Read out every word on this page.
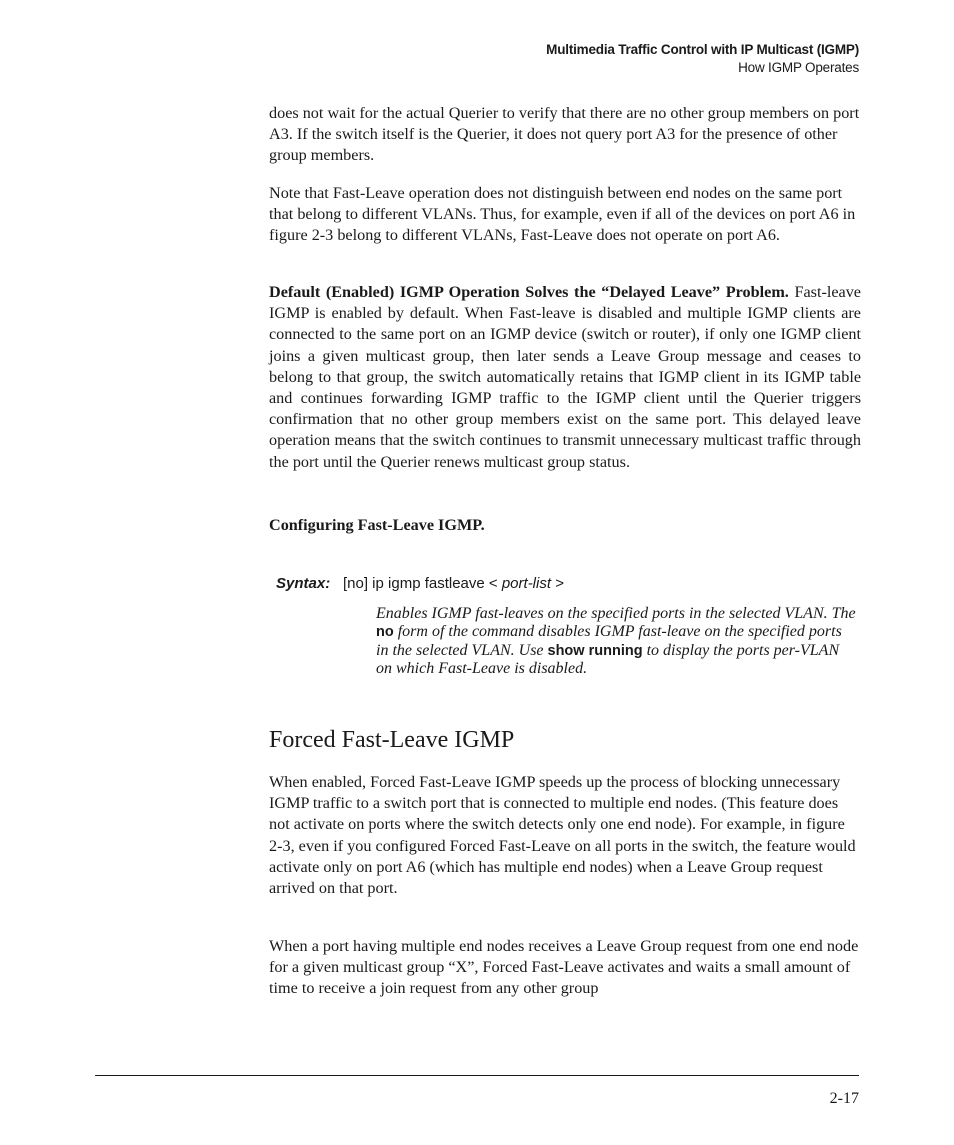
Multimedia Traffic Control with IP Multicast (IGMP)
How IGMP Operates

does not wait for the actual Querier to verify that there are no other group members on port A3. If the switch itself is the Querier, it does not query port A3 for the presence of other group members.

Note that Fast-Leave operation does not distinguish between end nodes on the same port that belong to different VLANs. Thus, for example, even if all of the devices on port A6 in figure 2-3 belong to different VLANs, Fast-Leave does not operate on port A6.

Default (Enabled) IGMP Operation Solves the “Delayed Leave” Problem. Fast-leave IGMP is enabled by default. When Fast-leave is disabled and multiple IGMP clients are connected to the same port on an IGMP device (switch or router), if only one IGMP client joins a given multicast group, then later sends a Leave Group message and ceases to belong to that group, the switch automatically retains that IGMP client in its IGMP table and continues forwarding IGMP traffic to the IGMP client until the Querier triggers confirmation that no other group members exist on the same port. This delayed leave operation means that the switch continues to transmit unnecessary multicast traffic through the port until the Querier renews multicast group status.

Configuring Fast-Leave IGMP.

Syntax: [no] ip igmp fastleave < port-list >
Enables IGMP fast-leaves on the specified ports in the selected VLAN. The no form of the command disables IGMP fast-leave on the specified ports in the selected VLAN. Use show running to display the ports per-VLAN on which Fast-Leave is disabled.
Forced Fast-Leave IGMP

When enabled, Forced Fast-Leave IGMP speeds up the process of blocking unnecessary IGMP traffic to a switch port that is connected to multiple end nodes. (This feature does not activate on ports where the switch detects only one end node). For example, in figure 2-3, even if you configured Forced Fast-Leave on all ports in the switch, the feature would activate only on port A6 (which has multiple end nodes) when a Leave Group request arrived on that port.

When a port having multiple end nodes receives a Leave Group request from one end node for a given multicast group “X”, Forced Fast-Leave activates and waits a small amount of time to receive a join request from any other group

2-17
